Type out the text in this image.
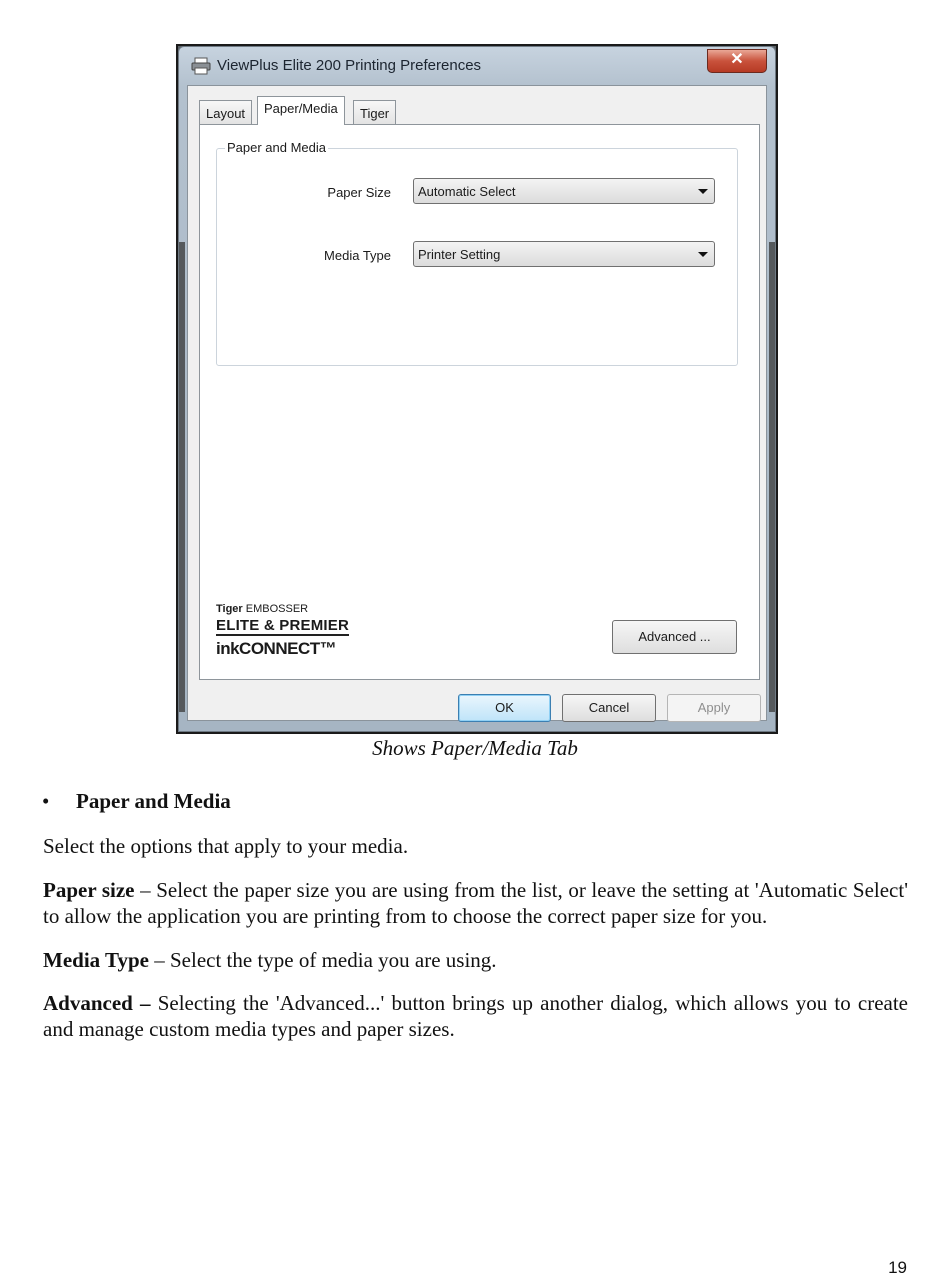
ViewPlus Elite 200 Printing Preferences	✕
Layout	Paper/Media	Tiger
Paper and Media
Paper Size	Automatic Select
Media Type	Printer Setting
Tiger EMBOSSER
ELITE & PREMIER
inkCONNECT™
Advanced ...
OK	Cancel	Apply
Shows Paper/Media Tab
• Paper and Media
Select the options that apply to your media.
Paper size – Select the paper size you are using from the list, or leave the setting at 'Automatic Select' to allow the application you are printing from to choose the correct paper size for you.
Media Type – Select the type of media you are using.
Advanced – Selecting the 'Advanced...' button brings up another dialog, which allows you to create and manage custom media types and paper sizes.
19
